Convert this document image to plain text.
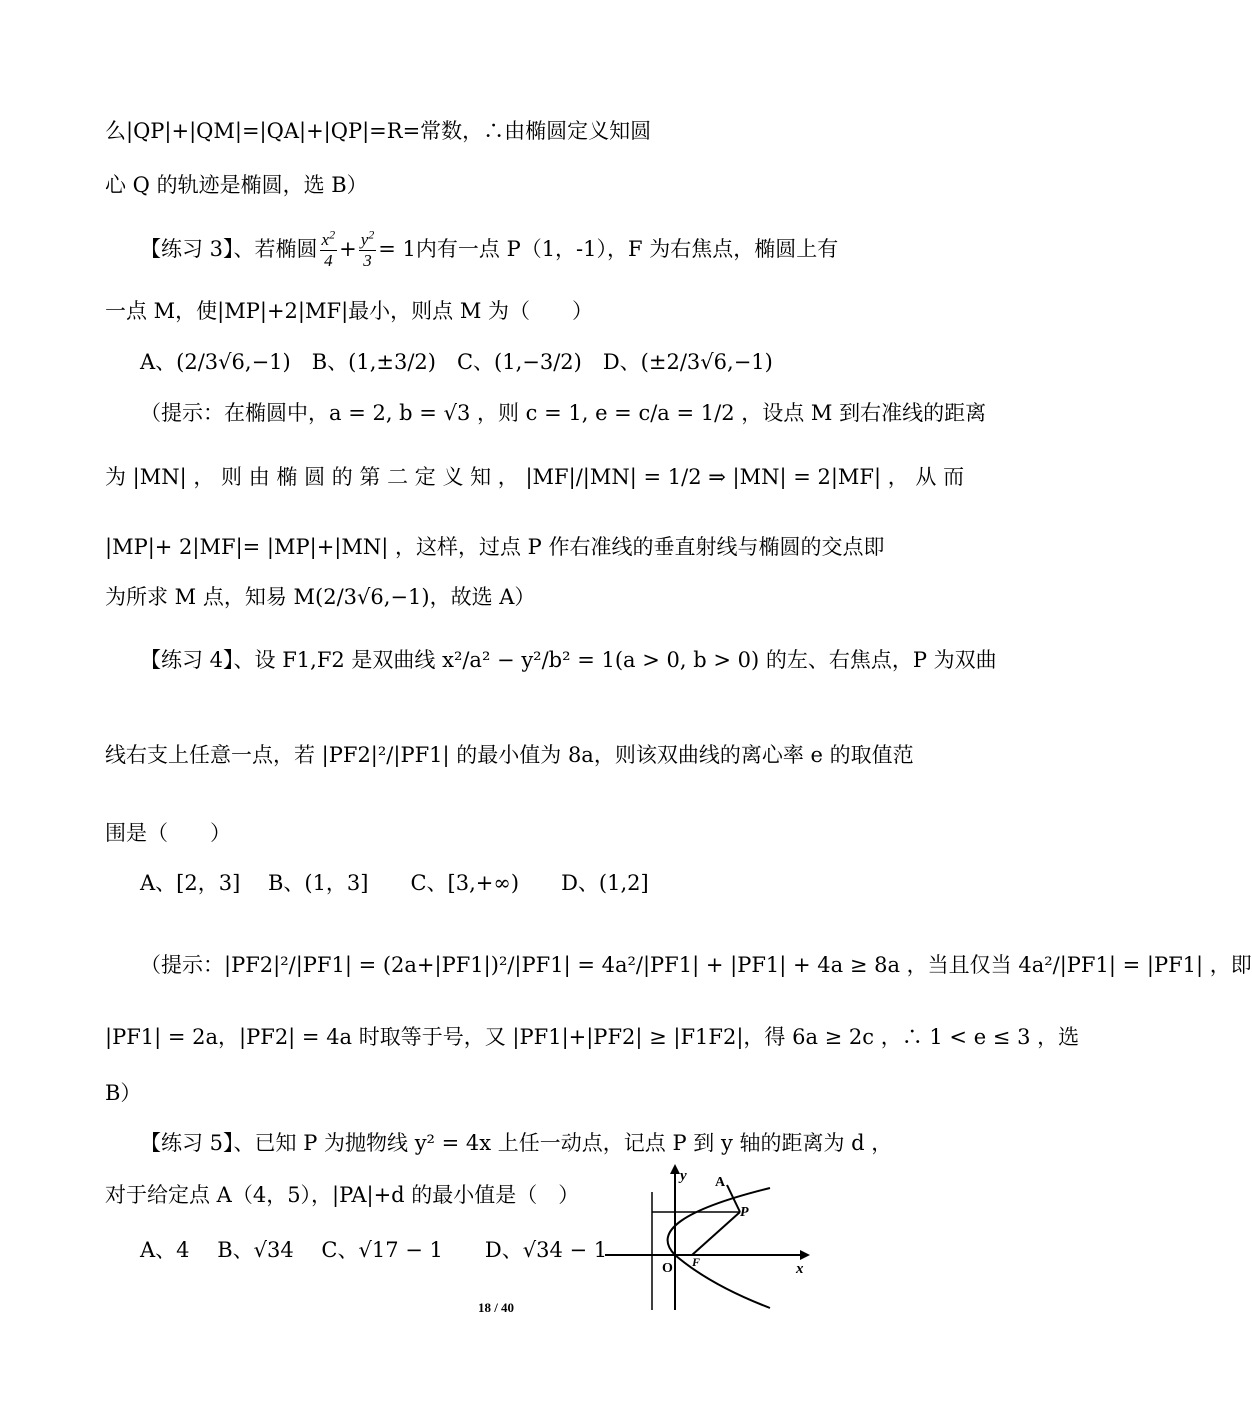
么|QP|+|QM|=|QA|+|QP|=R=常数，∴由椭圆定义知圆
心 Q 的轨迹是椭圆，选 B）
【练习 3】、若椭圆 $\frac{x^2}{4} + \frac{y^2}{3} = 1$内有一点 P（1，-1），F 为右焦点，椭圆上有
一点 M，使|MP|+2|MF|最小，则点 M 为（　　）
A、(2/3√6,−1)　B、(1,±3/2)　C、(1,−3/2)　D、(±2/3√6,−1)
（提示：在椭圆中，a = 2, b = √3 ，则 c = 1, e = c/a = 1/2 ，设点 M 到右准线的距离
为 |MN| ， 则 由 椭 圆 的 第 二 定 义 知 ， |MF|/|MN| = 1/2 ⇒ |MN| = 2|MF| ， 从 而
|MP|+ 2|MF|= |MP|+|MN| ，这样，过点 P 作右准线的垂直射线与椭圆的交点即
为所求 M 点，知易 M(2/3√6,−1)，故选 A）
【练习 4】、设 F1,F2 是双曲线 x²/a² − y²/b² = 1(a > 0, b > 0) 的左、右焦点，P 为双曲
线右支上任意一点，若 |PF2|²/|PF1| 的最小值为 8a，则该双曲线的离心率 e 的取值范
围是（　　）
A、[2，3]　 B、(1，3]　　C、[3,+∞)　　D、(1,2]
（提示：|PF2|²/|PF1| = (2a+|PF1|)²/|PF1| = 4a²/|PF1| + |PF1| + 4a ≥ 8a ，当且仅当 4a²/|PF1| = |PF1| ，即
|PF1| = 2a，|PF2| = 4a 时取等于号，又 |PF1|+|PF2| ≥ |F1F2|，得 6a ≥ 2c ，∴ 1 < e ≤ 3 ，选
B）
【练习 5】、已知 P 为抛物线 y² = 4x 上任一动点，记点 P 到 y 轴的距离为 d ，
对于给定点 A（4，5），|PA|+d 的最小值是（　）
A、4　 B、√34　 C、√17 − 1　　D、√34 − 1
y
x
O
A
P
F
18 / 40
